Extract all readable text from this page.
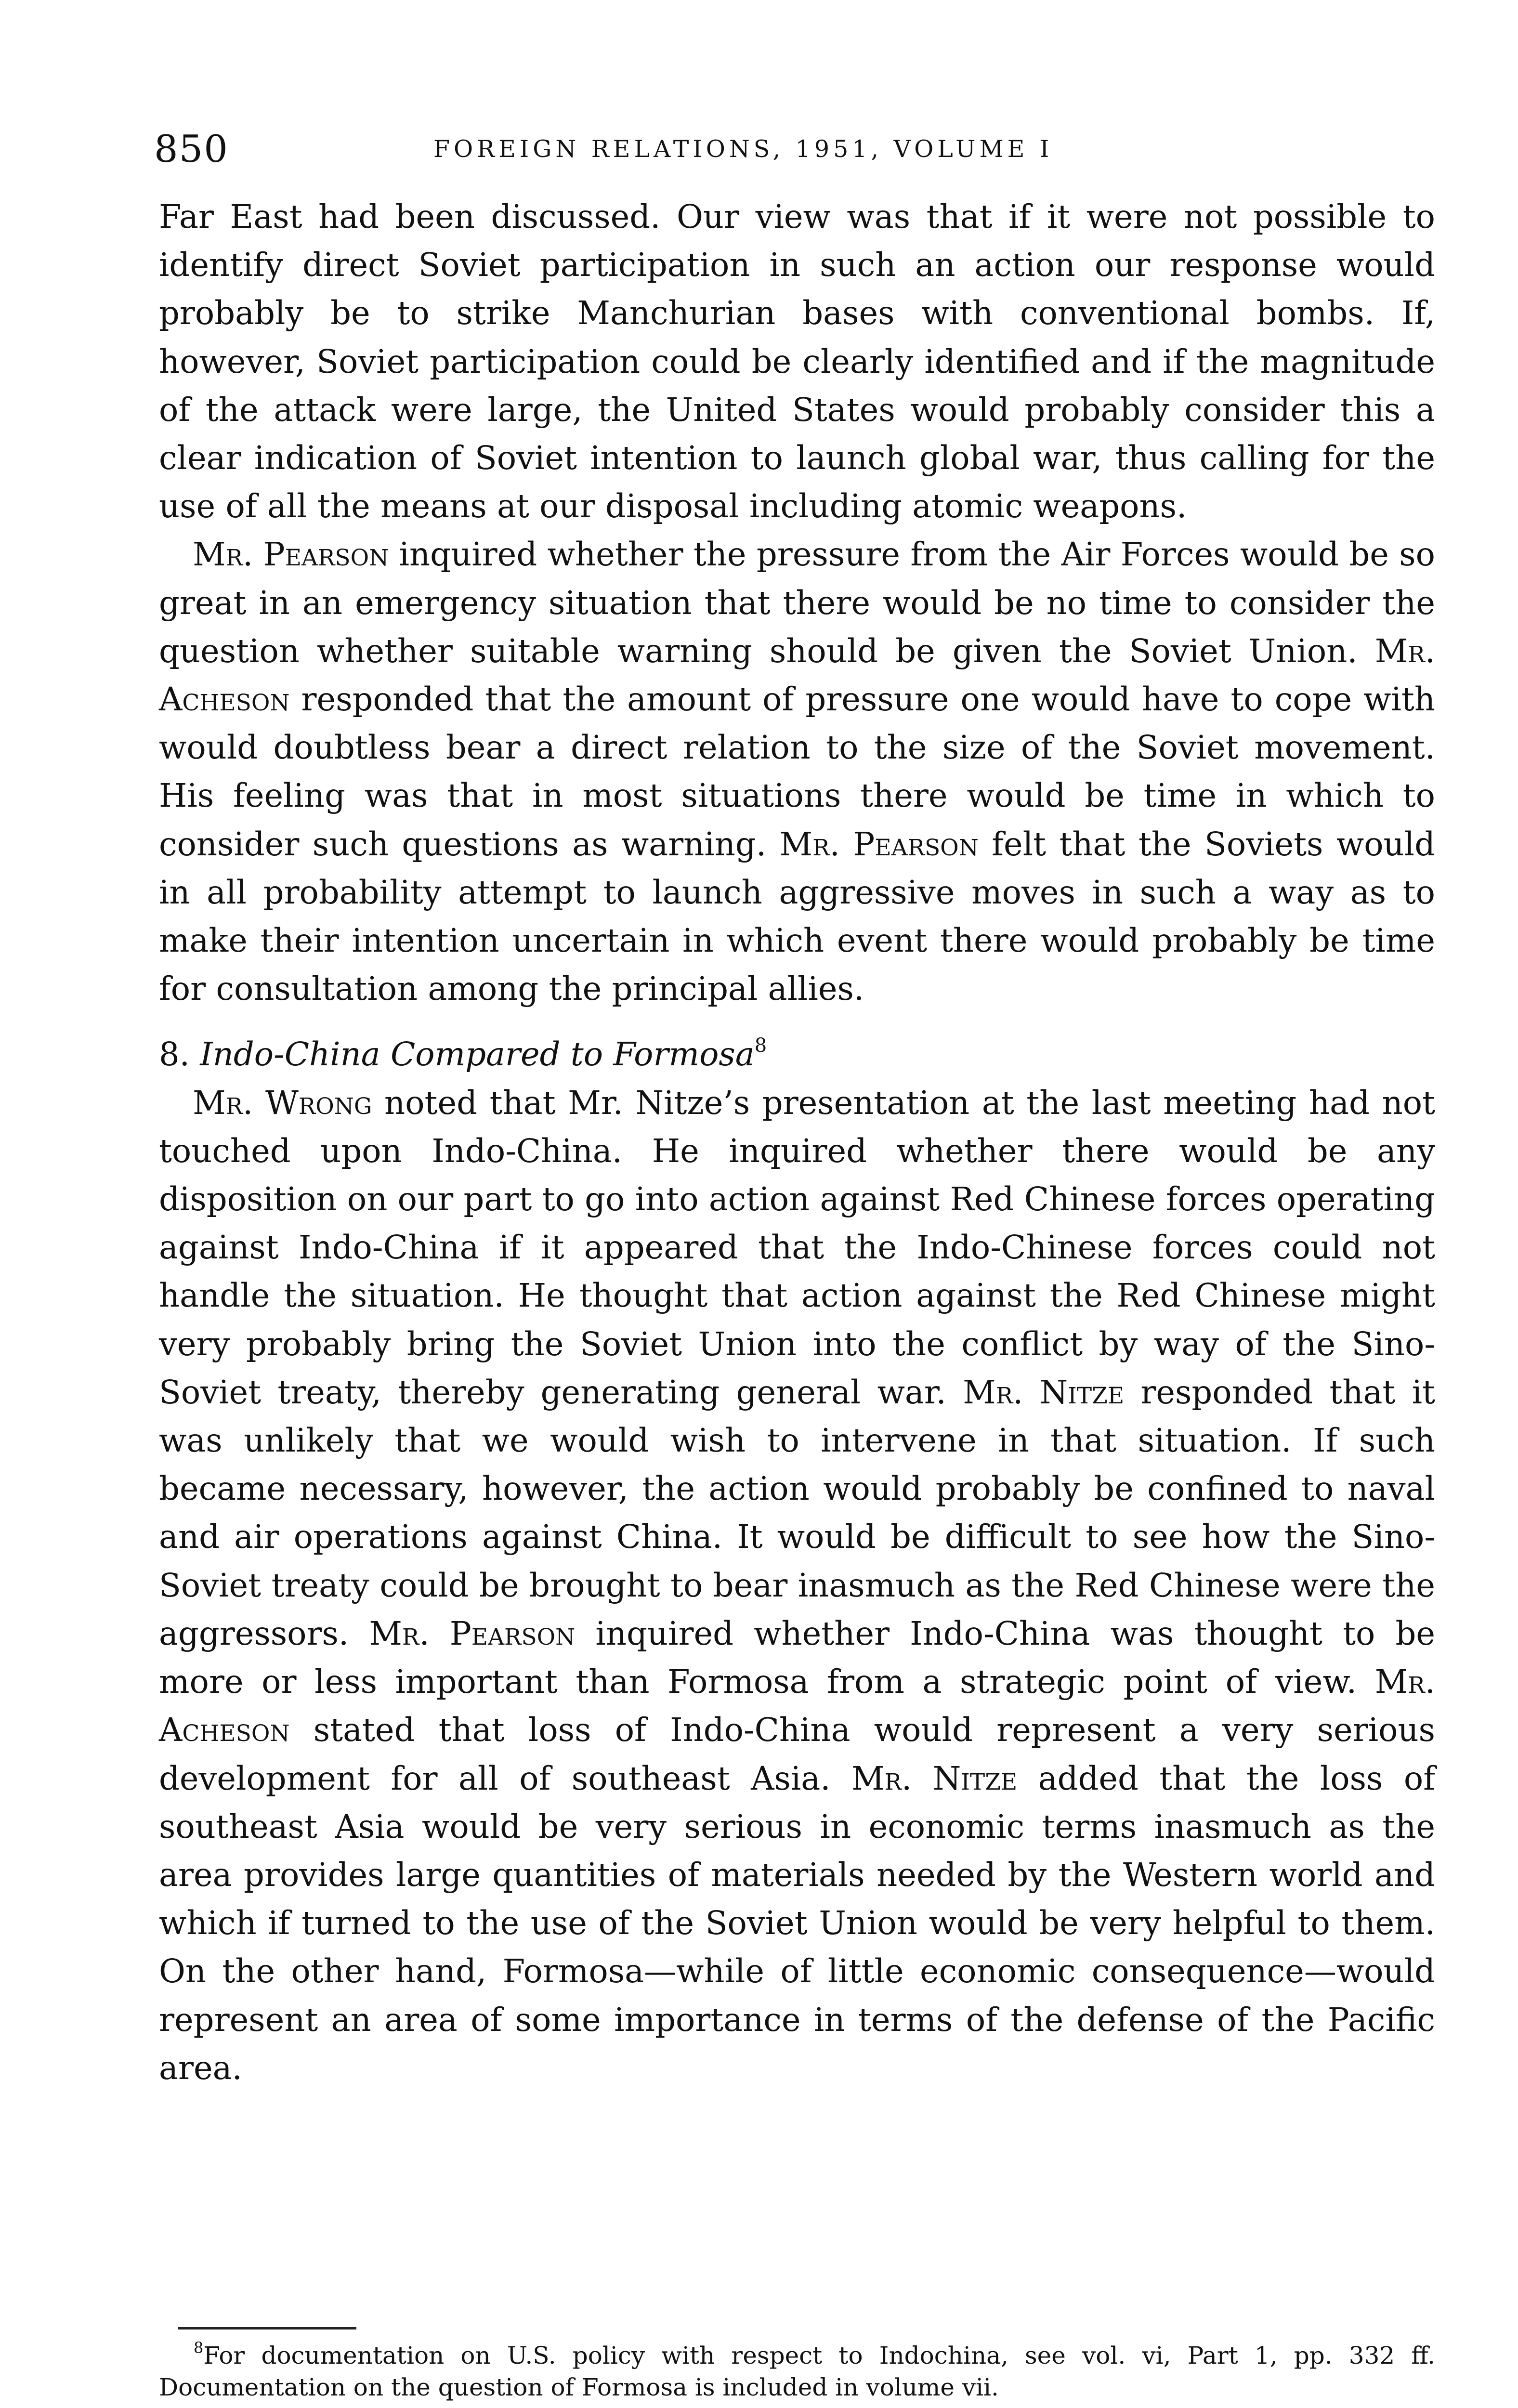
850	FOREIGN RELATIONS, 1951, VOLUME I

Far East had been discussed. Our view was that if it were not possible to identify direct Soviet participation in such an action our response would probably be to strike Manchurian bases with conventional bombs. If, however, Soviet participation could be clearly identified and if the magnitude of the attack were large, the United States would probably consider this a clear indication of Soviet intention to launch global war, thus calling for the use of all the means at our disposal including atomic weapons.

Mr. Pearson inquired whether the pressure from the Air Forces would be so great in an emergency situation that there would be no time to consider the question whether suitable warning should be given the Soviet Union. Mr. Acheson responded that the amount of pressure one would have to cope with would doubtless bear a direct relation to the size of the Soviet movement. His feeling was that in most situations there would be time in which to consider such questions as warning. Mr. Pearson felt that the Soviets would in all probability attempt to launch aggressive moves in such a way as to make their intention uncertain in which event there would probably be time for consultation among the principal allies.

8. Indo-China Compared to Formosa$^8$

Mr. Wrong noted that Mr. Nitze’s presentation at the last meeting had not touched upon Indo-China. He inquired whether there would be any disposition on our part to go into action against Red Chinese forces operating against Indo-China if it appeared that the Indo-Chinese forces could not handle the situation. He thought that action against the Red Chinese might very probably bring the Soviet Union into the conflict by way of the Sino-Soviet treaty, thereby generating general war. Mr. Nitze responded that it was unlikely that we would wish to intervene in that situation. If such became necessary, however, the action would probably be confined to naval and air operations against China. It would be difficult to see how the Sino-Soviet treaty could be brought to bear inasmuch as the Red Chinese were the aggressors. Mr. Pearson inquired whether Indo-China was thought to be more or less important than Formosa from a strategic point of view. Mr. Acheson stated that loss of Indo-China would represent a very serious development for all of southeast Asia. Mr. Nitze added that the loss of southeast Asia would be very serious in economic terms inasmuch as the area provides large quantities of materials needed by the Western world and which if turned to the use of the Soviet Union would be very helpful to them. On the other hand, Formosa—while of little economic consequence—would represent an area of some importance in terms of the defense of the Pacific area.

$^8$For documentation on U.S. policy with respect to Indochina, see vol. vi, Part 1, pp. 332 ff. Documentation on the question of Formosa is included in volume vii.
